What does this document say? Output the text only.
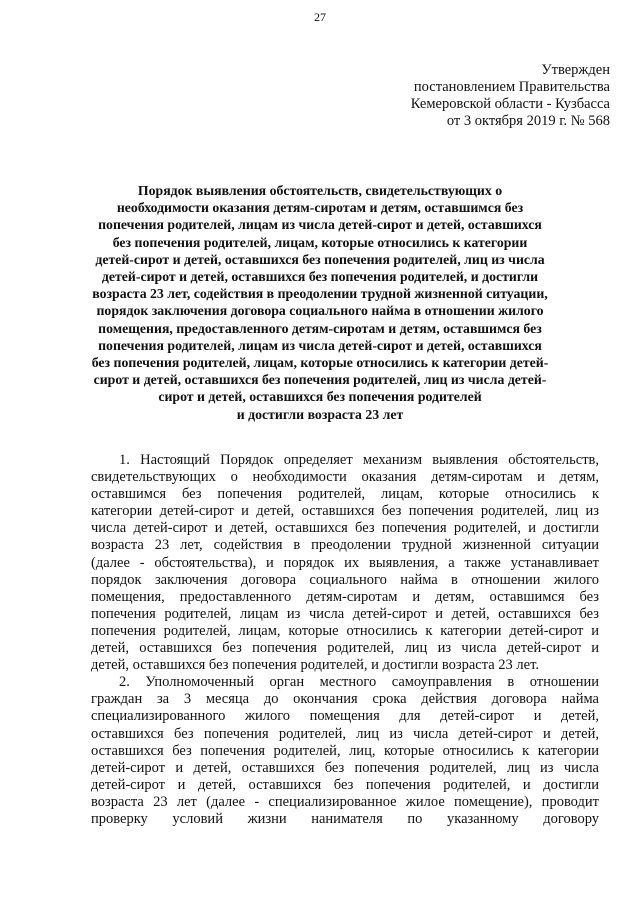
27
Утвержден
постановлением Правительства
Кемеровской области - Кузбасса
от 3 октября 2019 г. № 568
Порядок выявления обстоятельств, свидетельствующих о
необходимости оказания детям-сиротам и детям, оставшимся без
попечения родителей, лицам из числа детей-сирот и детей, оставшихся
без попечения родителей, лицам, которые относились к категории
детей-сирот и детей, оставшихся без попечения родителей, лиц из числа
детей-сирот и детей, оставшихся без попечения родителей, и достигли
возраста 23 лет, содействия в преодолении трудной жизненной ситуации,
порядок заключения договора социального найма в отношении жилого
помещения, предоставленного детям-сиротам и детям, оставшимся без
попечения родителей, лицам из числа детей-сирот и детей, оставшихся
без попечения родителей, лицам, которые относились к категории детей-
сирот и детей, оставшихся без попечения родителей, лиц из числа детей-
сирот и детей, оставшихся без попечения родителей
и достигли возраста 23 лет
1. Настоящий Порядок определяет механизм выявления обстоятельств,
свидетельствующих о необходимости оказания детям-сиротам и детям,
оставшимся без попечения родителей, лицам, которые относились к
категории детей-сирот и детей, оставшихся без попечения родителей, лиц из
числа детей-сирот и детей, оставшихся без попечения родителей, и достигли
возраста 23 лет, содействия в преодолении трудной жизненной ситуации
(далее - обстоятельства), и порядок их выявления, а также устанавливает
порядок заключения договора социального найма в отношении жилого
помещения, предоставленного детям-сиротам и детям, оставшимся без
попечения родителей, лицам из числа детей-сирот и детей, оставшихся без
попечения родителей, лицам, которые относились к категории детей-сирот и
детей, оставшихся без попечения родителей, лиц из числа детей-сирот и
детей, оставшихся без попечения родителей, и достигли возраста 23 лет.
2. Уполномоченный орган местного самоуправления в отношении
граждан за 3 месяца до окончания срока действия договора найма
специализированного жилого помещения для детей-сирот и детей,
оставшихся без попечения родителей, лиц из числа детей-сирот и детей,
оставшихся без попечения родителей, лиц, которые относились к категории
детей-сирот и детей, оставшихся без попечения родителей, лиц из числа
детей-сирот и детей, оставшихся без попечения родителей, и достигли
возраста 23 лет (далее - специализированное жилое помещение), проводит
проверку условий жизни нанимателя по указанному договору
